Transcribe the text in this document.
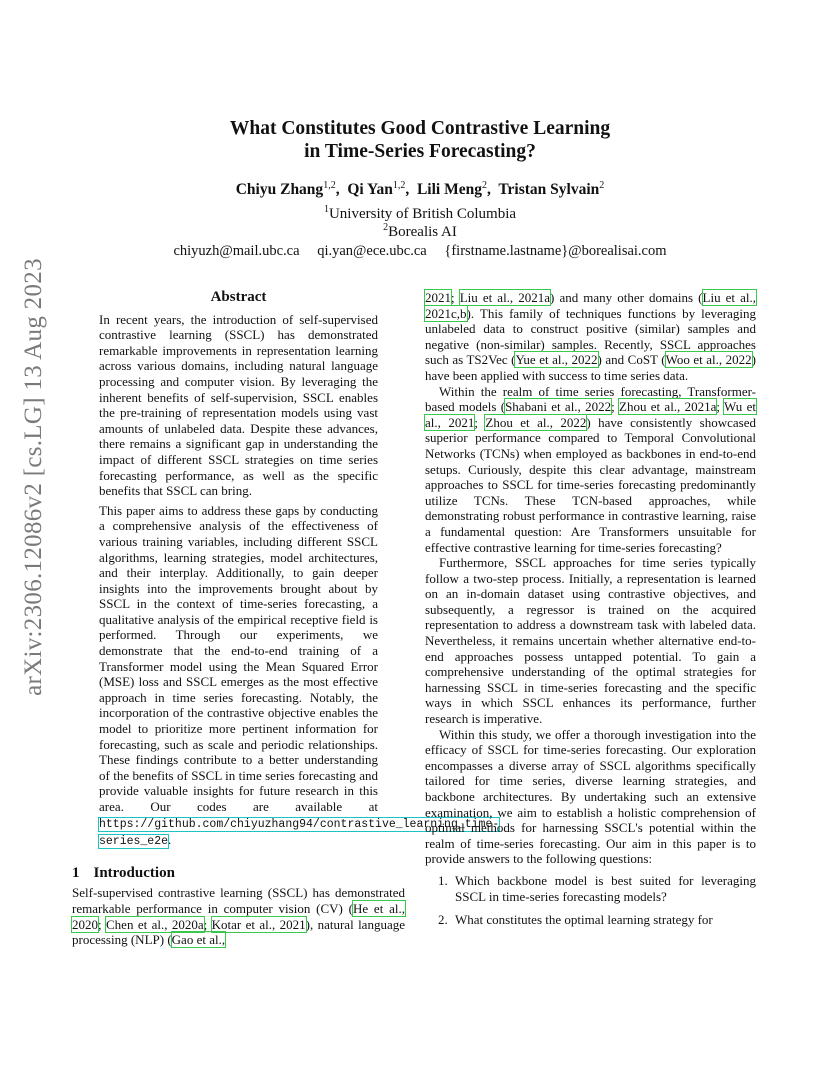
arXiv:2306.12086v2 [cs.LG] 13 Aug 2023
What Constitutes Good Contrastive Learning
in Time-Series Forecasting?
Chiyu Zhang$^{1,2}$,  Qi Yan$^{1,2}$,  Lili Meng$^2$,  Tristan Sylvain$^2$
$^1$University of British Columbia
$^2$Borealis AI
chiyuzh@mail.ubc.ca qi.yan@ece.ubc.ca {firstname.lastname}@borealisai.com
Abstract

In recent years, the introduction of self-supervised contrastive learning (SSCL) has demonstrated remarkable improvements in representation learning across various domains, including natural language processing and computer vision. By leveraging the inherent benefits of self-supervision, SSCL enables the pre-training of representation models using vast amounts of unlabeled data. Despite these advances, there remains a significant gap in understanding the impact of different SSCL strategies on time series forecasting performance, as well as the specific benefits that SSCL can bring.

This paper aims to address these gaps by conducting a comprehensive analysis of the effectiveness of various training variables, including different SSCL algorithms, learning strategies, model architectures, and their interplay. Additionally, to gain deeper insights into the improvements brought about by SSCL in the context of time-series forecasting, a qualitative analysis of the empirical receptive field is performed. Through our experiments, we demonstrate that the end-to-end training of a Transformer model using the Mean Squared Error (MSE) loss and SSCL emerges as the most effective approach in time series forecasting. Notably, the incorporation of the contrastive objective enables the model to prioritize more pertinent information for forecasting, such as scale and periodic relationships. These findings contribute to a better understanding of the benefits of SSCL in time series forecasting and provide valuable insights for future research in this area. Our codes are available at https://github.com/chiyuzhang94/contrastive_learning_time-series_e2e.

1 Introduction

Self-supervised contrastive learning (SSCL) has demonstrated remarkable performance in computer vision (CV) (He et al., 2020; Chen et al., 2020a; Kotar et al., 2021), natural language processing (NLP) (Gao et al.,

2021; Liu et al., 2021a) and many other domains (Liu et al., 2021c,b). This family of techniques functions by leveraging unlabeled data to construct positive (similar) samples and negative (non-similar) samples. Recently, SSCL approaches such as TS2Vec (Yue et al., 2022) and CoST (Woo et al., 2022) have been applied with success to time series data.

Within the realm of time series forecasting, Transformer-based models (Shabani et al., 2022; Zhou et al., 2021a; Wu et al., 2021; Zhou et al., 2022) have consistently showcased superior performance compared to Temporal Convolutional Networks (TCNs) when employed as backbones in end-to-end setups. Curiously, despite this clear advantage, mainstream approaches to SSCL for time-series forecasting predominantly utilize TCNs. These TCN-based approaches, while demonstrating robust performance in contrastive learning, raise a fundamental question: Are Transformers unsuitable for effective contrastive learning for time-series forecasting?

Furthermore, SSCL approaches for time series typically follow a two-step process. Initially, a representation is learned on an in-domain dataset using contrastive objectives, and subsequently, a regressor is trained on the acquired representation to address a downstream task with labeled data. Nevertheless, it remains uncertain whether alternative end-to-end approaches possess untapped potential. To gain a comprehensive understanding of the optimal strategies for harnessing SSCL in time-series forecasting and the specific ways in which SSCL enhances its performance, further research is imperative.

Within this study, we offer a thorough investigation into the efficacy of SSCL for time-series forecasting. Our exploration encompasses a diverse array of SSCL algorithms specifically tailored for time series, diverse learning strategies, and backbone architectures. By undertaking such an extensive examination, we aim to establish a holistic comprehension of optimal methods for harnessing SSCL's potential within the realm of time-series forecasting. Our aim in this paper is to provide answers to the following questions:

1. Which backbone model is best suited for leveraging SSCL in time-series forecasting models?
2. What constitutes the optimal learning strategy for
